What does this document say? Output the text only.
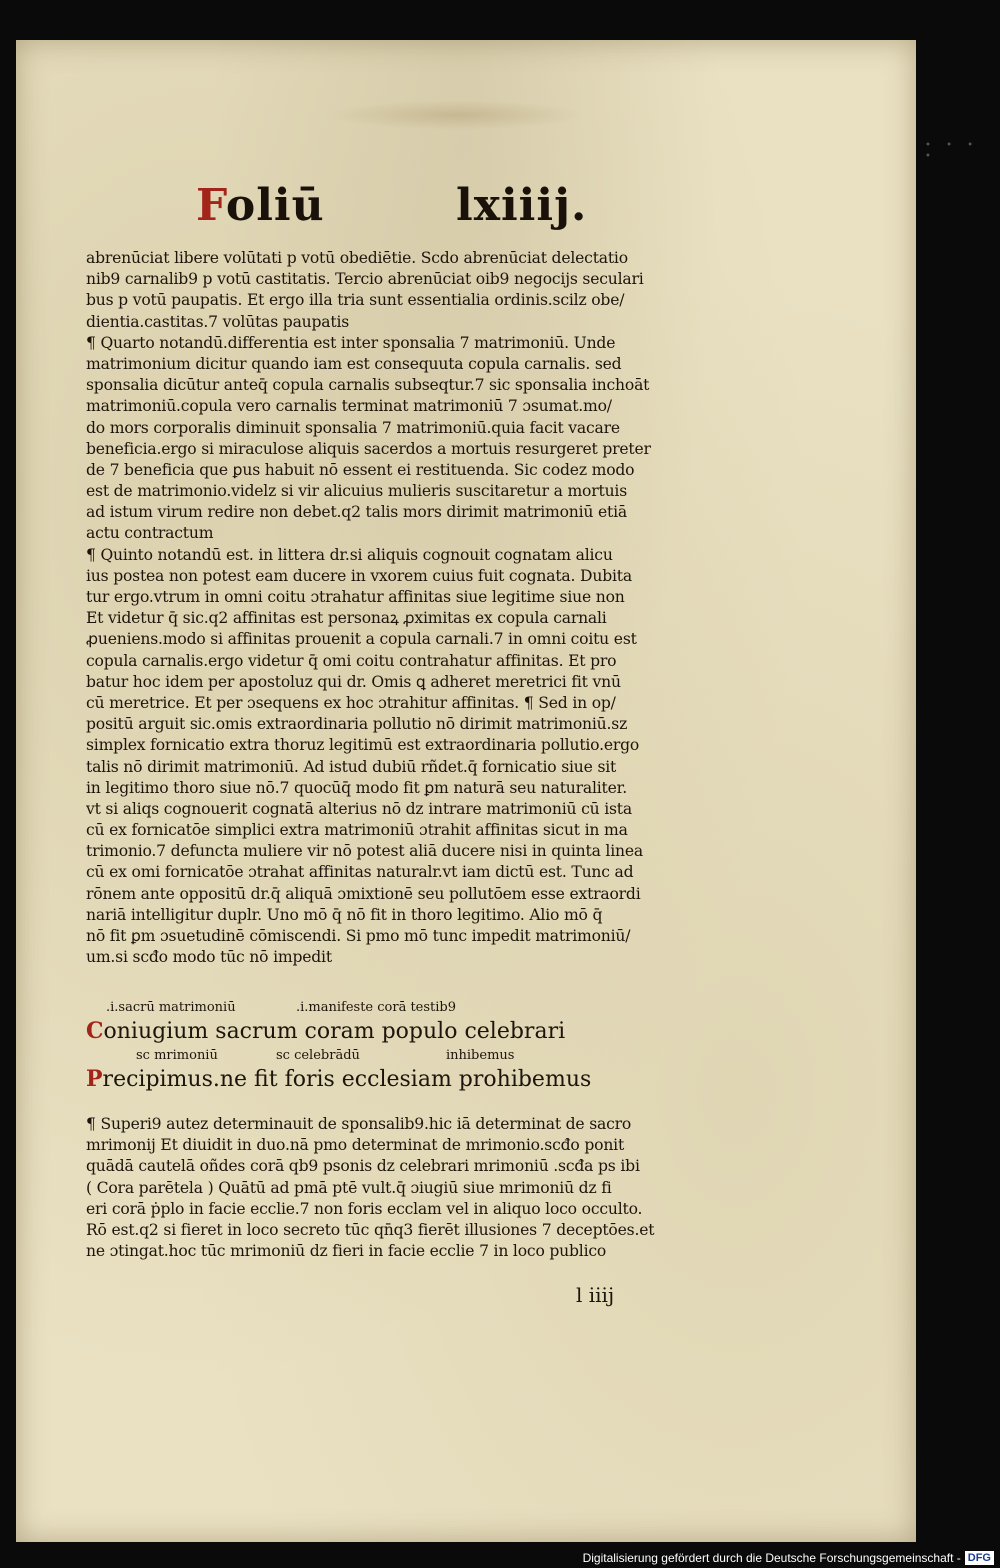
Foliū	lxiiij.
abrenūciat libere volūtati p votū obediētie. Scdo abrenūciat delectatio
nib9 carnalib9 p votū castitatis. Tercio abrenūciat oib9 negocijs seculari
bus p votū paupatis. Et ergo illa tria sunt essentialia ordinis.scilz obe/
dientia.castitas.7 volūtas paupatis
¶ Quarto notandū.differentia est inter sponsalia 7 matrimoniū. Unde
matrimonium dicitur quando iam est consequuta copula carnalis. sed
sponsalia dicūtur anteq̄ copula carnalis subseqtur.7 sic sponsalia inchoāt
matrimoniū.copula vero carnalis terminat matrimoniū 7 ɔsumat.mo/
do mors corporalis diminuit sponsalia 7 matrimoniū.quia facit vacare
beneficia.ergo si miraculose aliquis sacerdos a mortuis resurgeret preter
de 7 beneficia que ꝑus habuit nō essent ei restituenda. Sic codez modo
est de matrimonio.videlz si vir alicuius mulieris suscitaretur a mortuis
ad istum virum redire non debet.q2 talis mors dirimit matrimoniū etiā
actu contractum
¶ Quinto notandū est. in littera dr.si aliquis cognouit cognatam alicu
ius postea non potest eam ducere in vxorem cuius fuit cognata. Dubita
tur ergo.vtrum in omni coitu ɔtrahatur affinitas siue legitime siue non
Et videtur q̄ sic.q2 affinitas est personaꝝ ꝓximitas ex copula carnali
ꝓueniens.modo si affinitas prouenit a copula carnali.7 in omni coitu est
copula carnalis.ergo videtur q̄ omi coitu contrahatur affinitas. Et pro
batur hoc idem per apostoluz qui dr. Omis ꝗ adheret meretrici fit vnū
cū meretrice. Et per ɔsequens ex hoc ɔtrahitur affinitas. ¶ Sed in op/
positū arguit sic.omis extraordinaria pollutio nō dirimit matrimoniū.sz
simplex fornicatio extra thoruz legitimū est extraordinaria pollutio.ergo
talis nō dirimit matrimoniū. Ad istud dubiū rñdet.q̄ fornicatio siue sit
in legitimo thoro siue nō.7 quocūq̄ modo fit ꝑm naturā seu naturaliter.
vt si aliqs cognouerit cognatā alterius nō dz intrare matrimoniū cū ista
cū ex fornicatōe simplici extra matrimoniū ɔtrahit affinitas sicut in ma
trimonio.7 defuncta muliere vir nō potest aliā ducere nisi in quinta linea
cū ex omi fornicatōe ɔtrahat affinitas naturalr.vt iam dictū est. Tunc ad
rōnem ante oppositū dr.q̄ aliquā ɔmixtionē seu pollutōem esse extraordi
nariā intelligitur duplr. Uno mō q̄ nō fit in thoro legitimo. Alio mō q̄
nō fit ꝑm ɔsuetudinē cōmiscendi. Si pmo mō tunc impedit matrimoniū/
um.si scđo modo tūc nō impedit
.i.sacrū matrimoniū	.i.manifeste corā testib9
Coniugium sacrum coram populo celebrari
sc mrimoniū	sc celebrādū	inhibemus
Precipimus.ne fit foris ecclesiam prohibemus
¶ Superi9 autez determinauit de sponsalib9.hic iā determinat de sacro
mrimonij Et diuidit in duo.nā pmo determinat de mrimonio.scđo ponit
quādā cautelā oñdes corā qb9 psonis dz celebrari mrimoniū .scđa ps ibi
( Cora parētela ) Quātū ad pmā ptē vult.q̄ ɔiugiū siue mrimoniū dz fi
eri corā ṗplo in facie ecclie.7 non foris ecclam vel in aliquo loco occulto.
Rō est.q2 si fieret in loco secreto tūc qn̄q3 fierēt illusiones 7 deceptōes.et
ne ɔtingat.hoc tūc mrimoniū dz fieri in facie ecclie 7 in loco publico
l iiij
• • • •
Digitalisierung gefördert durch die Deutsche Forschungsgemeinschaft - DFG
